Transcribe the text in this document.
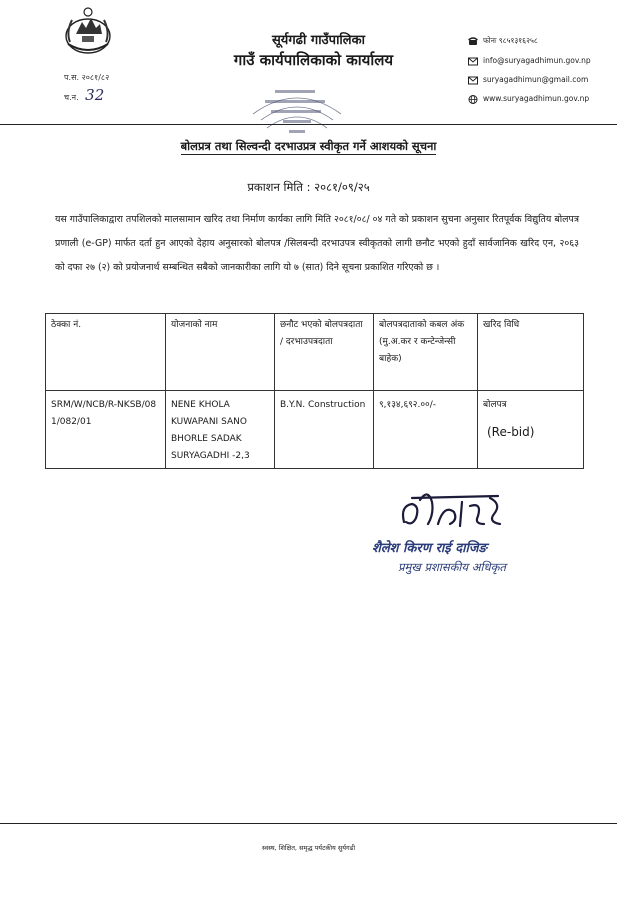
प.स. २०८१/८२
च.न. 32
सूर्यगढी गाउँपालिका
गाउँ कार्यपालिकाको कार्यालय
फोनः ९८५१३१६२५८
info@suryagadhimun.gov.np
suryagadhimun@gmail.com
www.suryagadhimun.gov.np
बोलप्रत्र तथा सिल्वन्दी दरभाउप्रत्र स्वीकृत गर्ने आशयको सूचना
प्रकाशन मिति : २०८१/०९/२५
यस गाउँपालिकाद्वारा तपशिलको मालसामान खरिद तथा निर्माण कार्यका लागि मिति २०८१/०८/ ०४ गते को प्रकाशन सुचना अनुसार रितपूर्वक विद्युतिय बोलपत्र प्रणाली (e-GP) मार्फत दर्ता हुन आएको देहाय अनुसारको बोलपत्र /सिलबन्दी दरभाउपत्र स्वीकृतको लागी छनौट भएको हुदाँ सार्वजानिक खरिद एन, २०६३ को दफा २७ (२) को प्रयोजनार्थ सम्बन्धित सबैको जानकारीका लागि यो ७ (सात) दिने सूचना प्रकाशित गरिएको छ ।
ठेक्का नं.	योजनाको नाम	छनौट भएको बोलपत्रदाता / दरभाउपत्रदाता	बोलपत्रदाताको कबल अंक (मु.अ.कर र कन्टेन्जेन्सी बाहेक)	खरिद विधि
SRM/W/NCB/R-NKSB/081/082/01	NENE KHOLA KUWAPANI SANO BHORLE SADAK SURYAGADHI -2,3	B.Y.N. Construction	९,१३४,६९२.००/-	बोलपत्र
(Re-bid)
शैलेश किरण राई दाजिङ
प्रमुख प्रशासकीय अधिकृत
स्वस्थ, शिक्षित, समृद्ध पर्यटकीय सुर्यगढी
